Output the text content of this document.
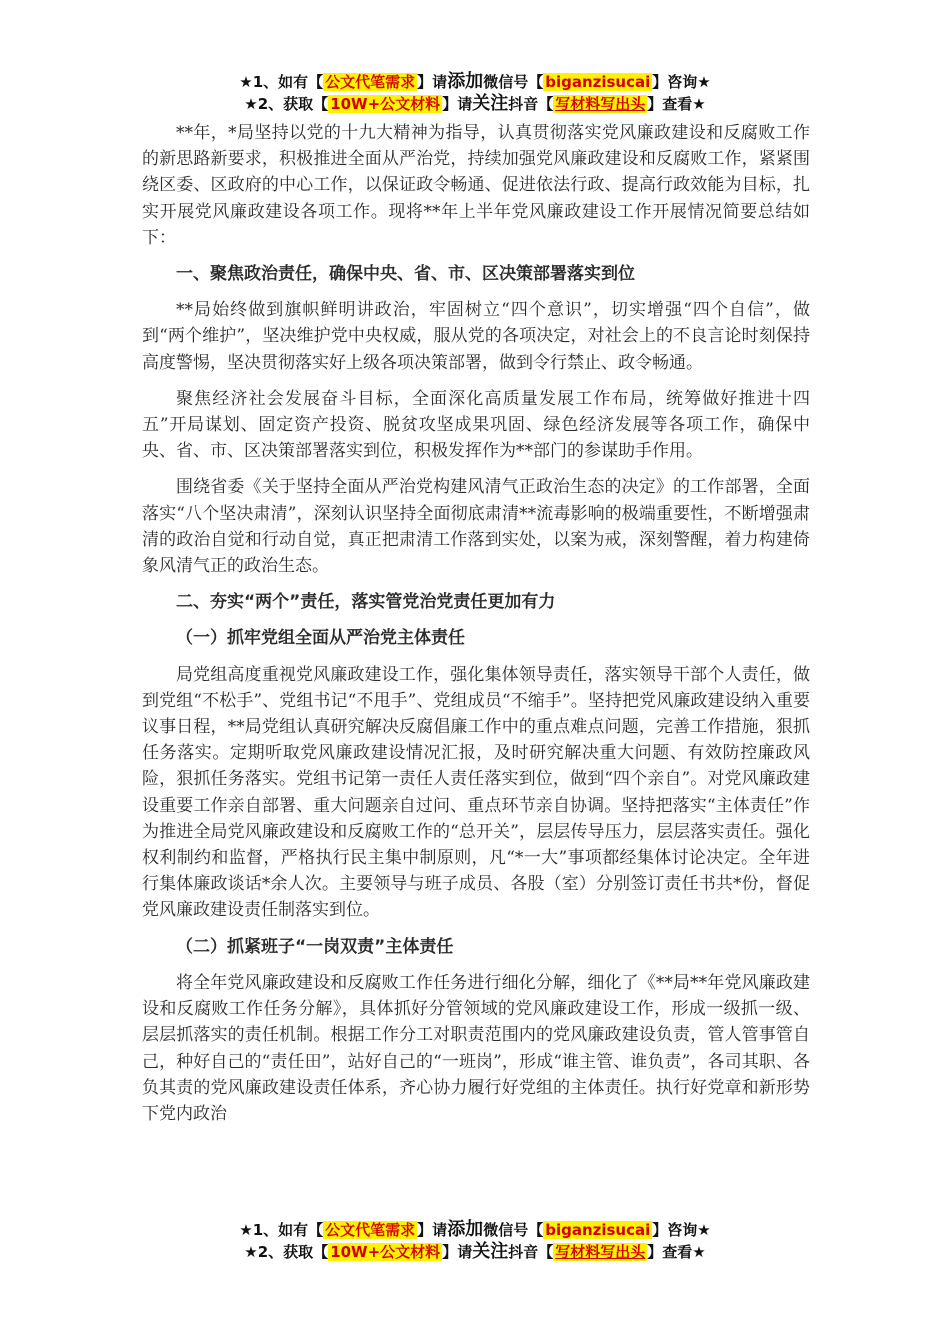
★1、如有【 公文代笔需求 】请添加微信号【 biganzisucai 】咨询★
★2、获取【 10W+公文材料 】请关注抖音【 写材料写出头 】查看★

**年，*局坚持以党的十九大精神为指导，认真贯彻落实党风廉政建设和反腐败工作的新思路新要求，积极推进全面从严治党，持续加强党风廉政建设和反腐败工作，紧紧围绕区委、区政府的中心工作，以保证政令畅通、促进依法行政、提高行政效能为目标，扎实开展党风廉政建设各项工作。现将**年上半年党风廉政建设工作开展情况简要总结如下：

一、聚焦政治责任，确保中央、省、市、区决策部署落实到位

**局始终做到旗帜鲜明讲政治，牢固树立“四个意识”，切实增强“四个自信”，做到“两个维护”，坚决维护党中央权威，服从党的各项决定，对社会上的不良言论时刻保持高度警惕，坚决贯彻落实好上级各项决策部署，做到令行禁止、政令畅通。

聚焦经济社会发展奋斗目标，全面深化高质量发展工作布局，统筹做好推进十四五”开局谋划、固定资产投资、脱贫攻坚成果巩固、绿色经济发展等各项工作，确保中央、省、市、区决策部署落实到位，积极发挥作为**部门的参谋助手作用。

围绕省委《关于坚持全面从严治党构建风清气正政治生态的决定》的工作部署，全面落实“八个坚决肃清”，深刻认识坚持全面彻底肃清**流毒影响的极端重要性，不断增强肃清的政治自觉和行动自觉，真正把肃清工作落到实处，以案为戒，深刻警醒，着力构建倚象风清气正的政治生态。

二、夯实“两个”责任，落实管党治党责任更加有力
（一）抓牢党组全面从严治党主体责任

局党组高度重视党风廉政建设工作，强化集体领导责任，落实领导干部个人责任，做到党组“不松手”、党组书记“不甩手”、党组成员“不缩手”。坚持把党风廉政建设纳入重要议事日程，**局党组认真研究解决反腐倡廉工作中的重点难点问题，完善工作措施，狠抓任务落实。定期听取党风廉政建设情况汇报，及时研究解决重大问题、有效防控廉政风险，狠抓任务落实。党组书记第一责任人责任落实到位，做到“四个亲自”。对党风廉政建设重要工作亲自部署、重大问题亲自过问、重点环节亲自协调。坚持把落实“主体责任”作为推进全局党风廉政建设和反腐败工作的“总开关”，层层传导压力，层层落实责任。强化权利制约和监督，严格执行民主集中制原则，凡“*一大”事项都经集体讨论决定。全年进行集体廉政谈话*余人次。主要领导与班子成员、各股（室）分别签订责任书共*份，督促党风廉政建设责任制落实到位。

（二）抓紧班子“一岗双责”主体责任

将全年党风廉政建设和反腐败工作任务进行细化分解，细化了《**局**年党风廉政建设和反腐败工作任务分解》，具体抓好分管领域的党风廉政建设工作，形成一级抓一级、层层抓落实的责任机制。根据工作分工对职责范围内的党风廉政建设负责，管人管事管自己，种好自己的“责任田”，站好自己的“一班岗”，形成“谁主管、谁负责”，各司其职、各负其责的党风廉政建设责任体系，齐心协力履行好党组的主体责任。执行好党章和新形势下党内政治

★1、如有【 公文代笔需求 】请添加微信号【 biganzisucai 】咨询★
★2、获取【 10W+公文材料 】请关注抖音【 写材料写出头 】查看★
